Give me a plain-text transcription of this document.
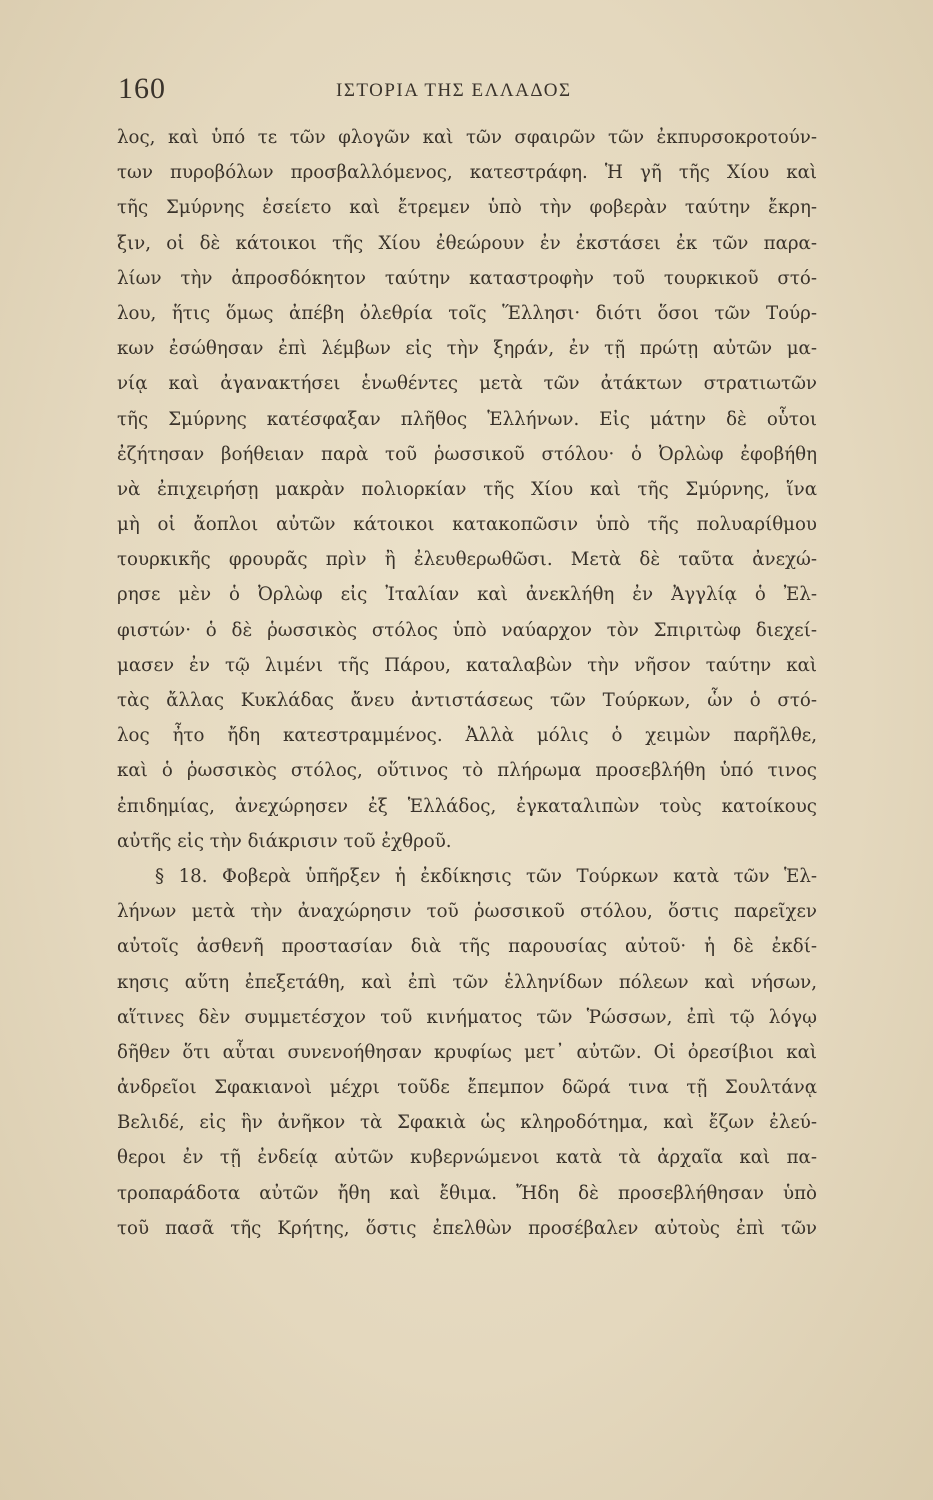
160	ΙΣΤΟΡΙΑ ΤΗΣ ΕΛΛΑΔΟΣ
λος, καὶ ὑπό τε τῶν φλογῶν καὶ τῶν σφαιρῶν τῶν ἐκπυρσοκροτούν-
των πυροβόλων προσβαλλόμενος, κατεστράφη. Ἡ γῆ τῆς Χίου καὶ
τῆς Σμύρνης ἐσείετο καὶ ἔτρεμεν ὑπὸ τὴν φοβερὰν ταύτην ἔκρη-
ξιν, οἱ δὲ κάτοικοι τῆς Χίου ἐθεώρουν ἐν ἐκστάσει ἐκ τῶν παρα-
λίων τὴν ἀπροσδόκητον ταύτην καταστροφὴν τοῦ τουρκικοῦ στό-
λου, ἥτις ὅμως ἀπέβη ὀλεθρία τοῖς Ἕλλησι· διότι ὅσοι τῶν Τούρ-
κων ἐσώθησαν ἐπὶ λέμβων εἰς τὴν ξηράν, ἐν τῇ πρώτῃ αὐτῶν μα-
νίᾳ καὶ ἀγανακτήσει ἑνωθέντες μετὰ τῶν ἀτάκτων στρατιωτῶν
τῆς Σμύρνης κατέσφαξαν πλῆθος Ἑλλήνων. Εἰς μάτην δὲ οὗτοι
ἐζήτησαν βοήθειαν παρὰ τοῦ ῥωσσικοῦ στόλου· ὁ Ὀρλὼφ ἐφοβήθη
νὰ ἐπιχειρήσῃ μακρὰν πολιορκίαν τῆς Χίου καὶ τῆς Σμύρνης, ἵνα
μὴ οἱ ἄοπλοι αὐτῶν κάτοικοι κατακοπῶσιν ὑπὸ τῆς πολυαρίθμου
τουρκικῆς φρουρᾶς πρὶν ἢ ἐλευθερωθῶσι. Μετὰ δὲ ταῦτα ἀνεχώ-
ρησε μὲν ὁ Ὀρλὼφ εἰς Ἰταλίαν καὶ ἀνεκλήθη ἐν Ἀγγλίᾳ ὁ Ἐλ-
φιστών· ὁ δὲ ῥωσσικὸς στόλος ὑπὸ ναύαρχον τὸν Σπιριτὼφ διεχεί-
μασεν ἐν τῷ λιμένι τῆς Πάρου, καταλαβὼν τὴν νῆσον ταύτην καὶ
τὰς ἄλλας Κυκλάδας ἄνευ ἀντιστάσεως τῶν Τούρκων, ὧν ὁ στό-
λος ἦτο ἤδη κατεστραμμένος. Ἀλλὰ μόλις ὁ χειμὼν παρῆλθε,
καὶ ὁ ῥωσσικὸς στόλος, οὕτινος τὸ πλήρωμα προσεβλήθη ὑπό τινος
ἐπιδημίας, ἀνεχώρησεν ἐξ Ἑλλάδος, ἐγκαταλιπὼν τοὺς κατοίκους
αὐτῆς εἰς τὴν διάκρισιν τοῦ ἐχθροῦ.
§ 18. Φοβερὰ ὑπῆρξεν ἡ ἐκδίκησις τῶν Τούρκων κατὰ τῶν Ἑλ-
λήνων μετὰ τὴν ἀναχώρησιν τοῦ ῥωσσικοῦ στόλου, ὅστις παρεῖχεν
αὐτοῖς ἀσθενῆ προστασίαν διὰ τῆς παρουσίας αὐτοῦ· ἡ δὲ ἐκδί-
κησις αὕτη ἐπεξετάθη, καὶ ἐπὶ τῶν ἑλληνίδων πόλεων καὶ νήσων,
αἵτινες δὲν συμμετέσχον τοῦ κινήματος τῶν Ῥώσσων, ἐπὶ τῷ λόγῳ
δῆθεν ὅτι αὗται συνενοήθησαν κρυφίως μετ᾽ αὐτῶν. Οἱ ὀρεσίβιοι καὶ
ἀνδρεῖοι Σφακιανοὶ μέχρι τοῦδε ἔπεμπον δῶρά τινα τῇ Σουλτάνᾳ
Βελιδέ, εἰς ἣν ἀνῆκον τὰ Σφακιὰ ὡς κληροδότημα, καὶ ἔζων ἐλεύ-
θεροι ἐν τῇ ἐνδείᾳ αὐτῶν κυβερνώμενοι κατὰ τὰ ἀρχαῖα καὶ πα-
τροπαράδοτα αὐτῶν ἤθη καὶ ἔθιμα. Ἤδη δὲ προσεβλήθησαν ὑπὸ
τοῦ πασᾶ τῆς Κρήτης, ὅστις ἐπελθὼν προσέβαλεν αὐτοὺς ἐπὶ τῶν
